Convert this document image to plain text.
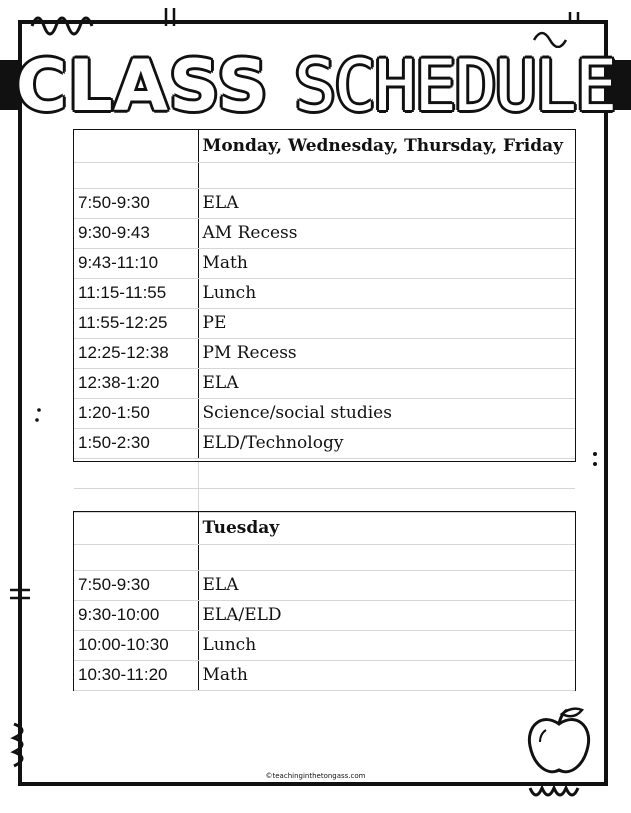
CLASS SCHEDULE
	Monday, Wednesday, Thursday, Friday

7:50-9:30	ELA
9:30-9:43	AM Recess
9:43-11:10	Math
11:15-11:55	Lunch
11:55-12:25	PE
12:25-12:38	PM Recess
12:38-1:20	ELA
1:20-1:50	Science/social studies
1:50-2:30	ELD/Technology

	Tuesday

7:50-9:30	ELA
9:30-10:00	ELA/ELD
10:00-10:30	Lunch
10:30-11:20	Math
©teachinginthetongass.com
